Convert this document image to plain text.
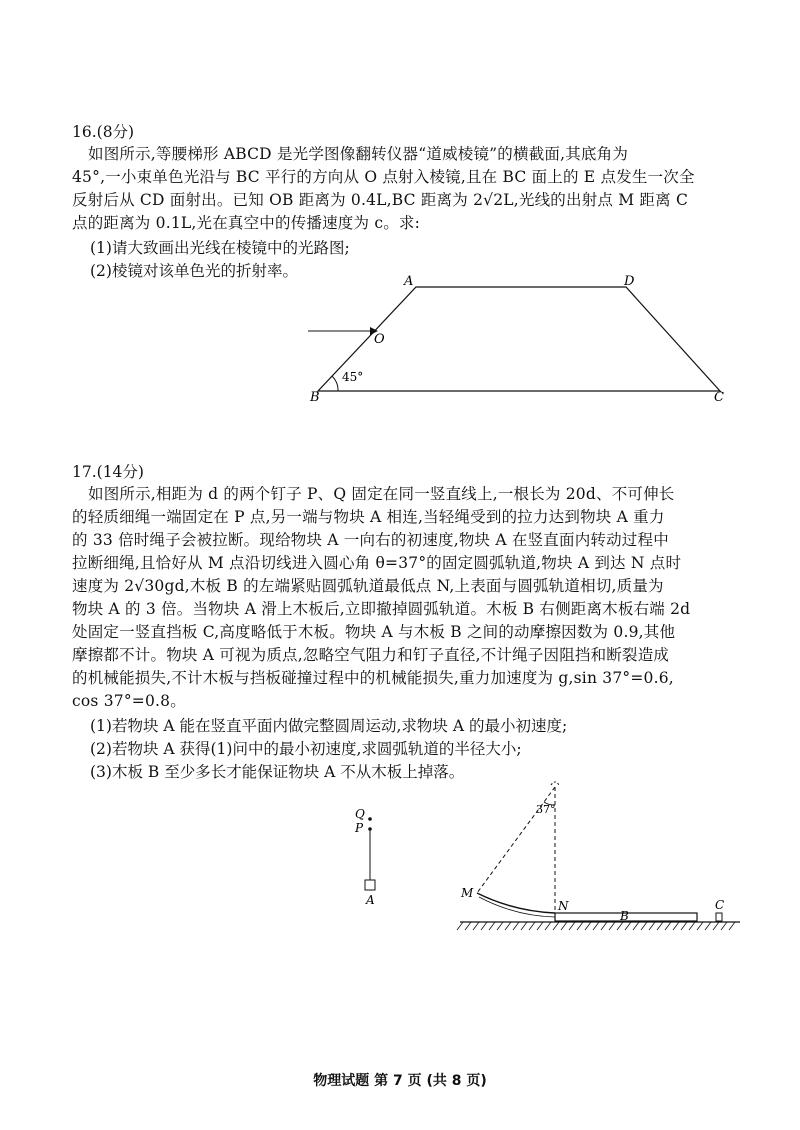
16.(8分)
如图所示,等腰梯形 ABCD 是光学图像翻转仪器“道威棱镜”的横截面,其底角为
45°,一小束单色光沿与 BC 平行的方向从 O 点射入棱镜,且在 BC 面上的 E 点发生一次全
反射后从 CD 面射出。已知 OB 距离为 0.4L,BC 距离为 2√2L,光线的出射点 M 距离 C
点的距离为 0.1L,光在真空中的传播速度为 c。求:
(1)请大致画出光线在棱镜中的光路图;
(2)棱镜对该单色光的折射率。
A	D
O
45°
B	C
17.(14分)
如图所示,相距为 d 的两个钉子 P、Q 固定在同一竖直线上,一根长为 20d、不可伸长
的轻质细绳一端固定在 P 点,另一端与物块 A 相连,当轻绳受到的拉力达到物块 A 重力
的 33 倍时绳子会被拉断。现给物块 A 一向右的初速度,物块 A 在竖直面内转动过程中
拉断细绳,且恰好从 M 点沿切线进入圆心角 θ=37°的固定圆弧轨道,物块 A 到达 N 点时
速度为 2√30gd,木板 B 的左端紧贴圆弧轨道最低点 N,上表面与圆弧轨道相切,质量为
物块 A 的 3 倍。当物块 A 滑上木板后,立即撤掉圆弧轨道。木板 B 右侧距离木板右端 2d
处固定一竖直挡板 C,高度略低于木板。物块 A 与木板 B 之间的动摩擦因数为 0.9,其他
摩擦都不计。物块 A 可视为质点,忽略空气阻力和钉子直径,不计绳子因阻挡和断裂造成
的机械能损失,不计木板与挡板碰撞过程中的机械能损失,重力加速度为 g,sin 37°=0.6,
cos 37°=0.8。
(1)若物块 A 能在竖直平面内做完整圆周运动,求物块 A 的最小初速度;
(2)若物块 A 获得(1)问中的最小初速度,求圆弧轨道的半径大小;
(3)木板 B 至少多长才能保证物块 A 不从木板上掉落。
Q
P
A
37°
M
N
B
C
物理试题 第 7 页 (共 8 页)
